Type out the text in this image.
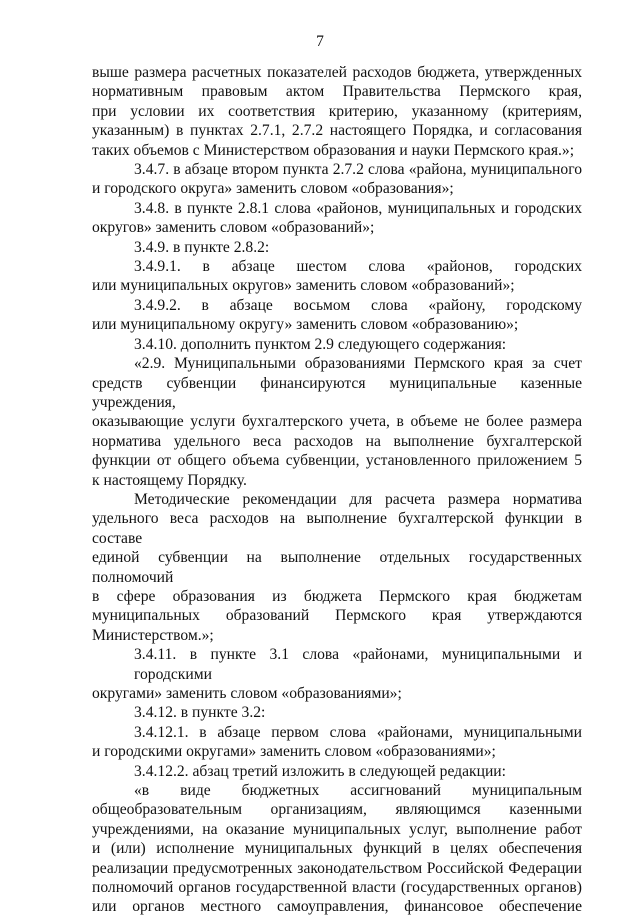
7
выше размера расчетных показателей расходов бюджета, утвержденных
нормативным правовым актом Правительства Пермского края,
при условии их соответствия критерию, указанному (критериям,
указанным) в пунктах 2.7.1, 2.7.2 настоящего Порядка, и согласования
таких объемов с Министерством образования и науки Пермского края.»;
3.4.7. в абзаце втором пункта 2.7.2 слова «района, муниципального
и городского округа» заменить словом «образования»;
3.4.8. в пункте 2.8.1 слова «районов, муниципальных и городских
округов» заменить словом «образований»;
3.4.9. в пункте 2.8.2:
3.4.9.1. в абзаце шестом слова «районов, городских
или муниципальных округов» заменить словом «образований»;
3.4.9.2. в абзаце восьмом слова «району, городскому
или муниципальному округу» заменить словом «образованию»;
3.4.10. дополнить пунктом 2.9 следующего содержания:
«2.9. Муниципальными образованиями Пермского края за счет
средств субвенции финансируются муниципальные казенные учреждения,
оказывающие услуги бухгалтерского учета, в объеме не более размера
норматива удельного веса расходов на выполнение бухгалтерской
функции от общего объема субвенции, установленного приложением 5
к настоящему Порядку.
Методические рекомендации для расчета размера норматива
удельного веса расходов на выполнение бухгалтерской функции в составе
единой субвенции на выполнение отдельных государственных полномочий
в сфере образования из бюджета Пермского края бюджетам
муниципальных образований Пермского края утверждаются
Министерством.»;
3.4.11. в пункте 3.1 слова «районами, муниципальными и городскими
округами» заменить словом «образованиями»;
3.4.12. в пункте 3.2:
3.4.12.1. в абзаце первом слова «районами, муниципальными
и городскими округами» заменить словом «образованиями»;
3.4.12.2. абзац третий изложить в следующей редакции:
«в виде бюджетных ассигнований муниципальным
общеобразовательным организациям, являющимся казенными
учреждениями, на оказание муниципальных услуг, выполнение работ
и (или) исполнение муниципальных функций в целях обеспечения
реализации предусмотренных законодательством Российской Федерации
полномочий органов государственной власти (государственных органов)
или органов местного самоуправления, финансовое обеспечение
